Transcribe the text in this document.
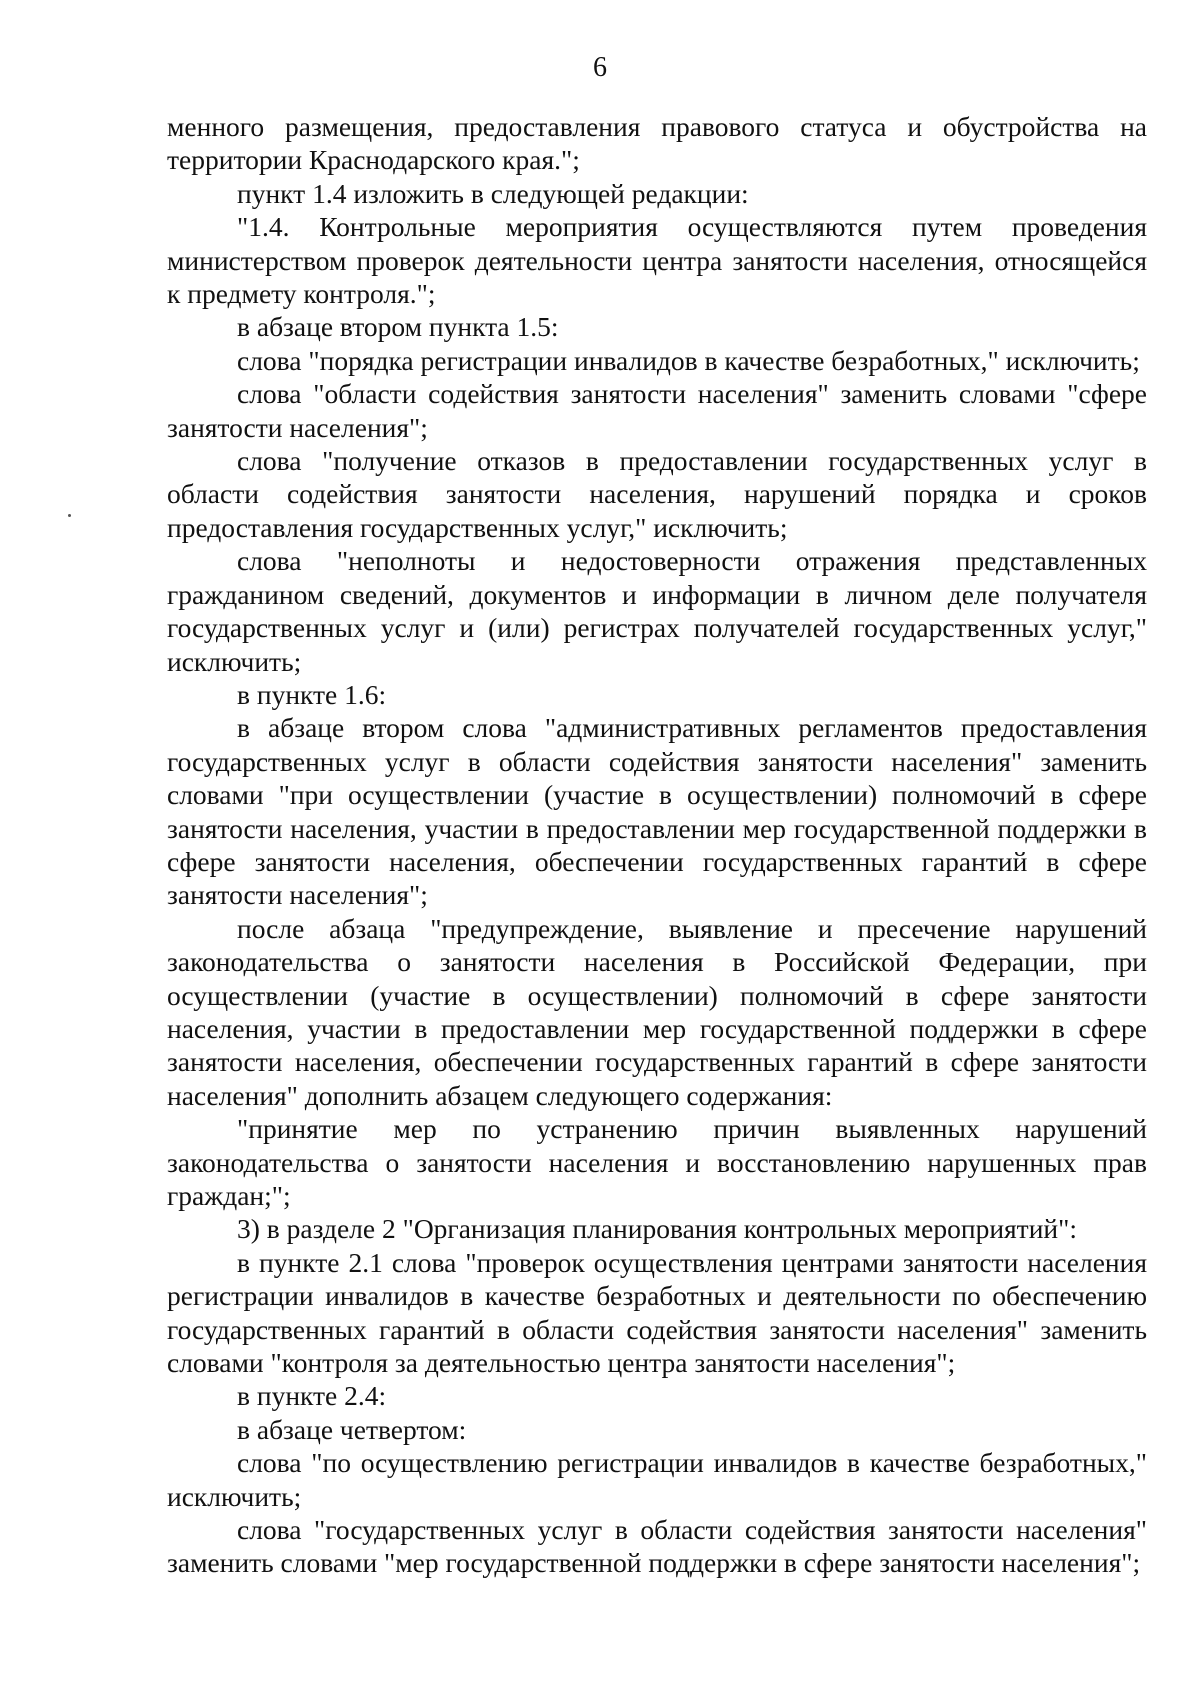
6

менного размещения, предоставления правового статуса и обустройства на территории Краснодарского края.";

пункт 1.4 изложить в следующей редакции:

"1.4. Контрольные мероприятия осуществляются путем проведения министерством проверок деятельности центра занятости населения, относящейся к предмету контроля.";

в абзаце втором пункта 1.5:

слова "порядка регистрации инвалидов в качестве безработных," исключить;

слова "области содействия занятости населения" заменить словами "сфере занятости населения";

слова "получение отказов в предоставлении государственных услуг в области содействия занятости населения, нарушений порядка и сроков предоставления государственных услуг," исключить;

слова "неполноты и недостоверности отражения представленных гражданином сведений, документов и информации в личном деле получателя государственных услуг и (или) регистрах получателей государственных услуг," исключить;

в пункте 1.6:

в абзаце втором слова "административных регламентов предоставления государственных услуг в области содействия занятости населения" заменить словами "при осуществлении (участие в осуществлении) полномочий в сфере занятости населения, участии в предоставлении мер государственной поддержки в сфере занятости населения, обеспечении государственных гарантий в сфере занятости населения";

после абзаца "предупреждение, выявление и пресечение нарушений законодательства о занятости населения в Российской Федерации, при осуществлении (участие в осуществлении) полномочий в сфере занятости населения, участии в предоставлении мер государственной поддержки в сфере занятости населения, обеспечении государственных гарантий в сфере занятости населения" дополнить абзацем следующего содержания:

"принятие мер по устранению причин выявленных нарушений законодательства о занятости населения и восстановлению нарушенных прав граждан;";

3) в разделе 2 "Организация планирования контрольных мероприятий":

в пункте 2.1 слова "проверок осуществления центрами занятости населения регистрации инвалидов в качестве безработных и деятельности по обеспечению государственных гарантий в области содействия занятости населения" заменить словами "контроля за деятельностью центра занятости населения";

в пункте 2.4:

в абзаце четвертом:

слова "по осуществлению регистрации инвалидов в качестве безработных," исключить;

слова "государственных услуг в области содействия занятости населения" заменить словами "мер государственной поддержки в сфере занятости населения";
